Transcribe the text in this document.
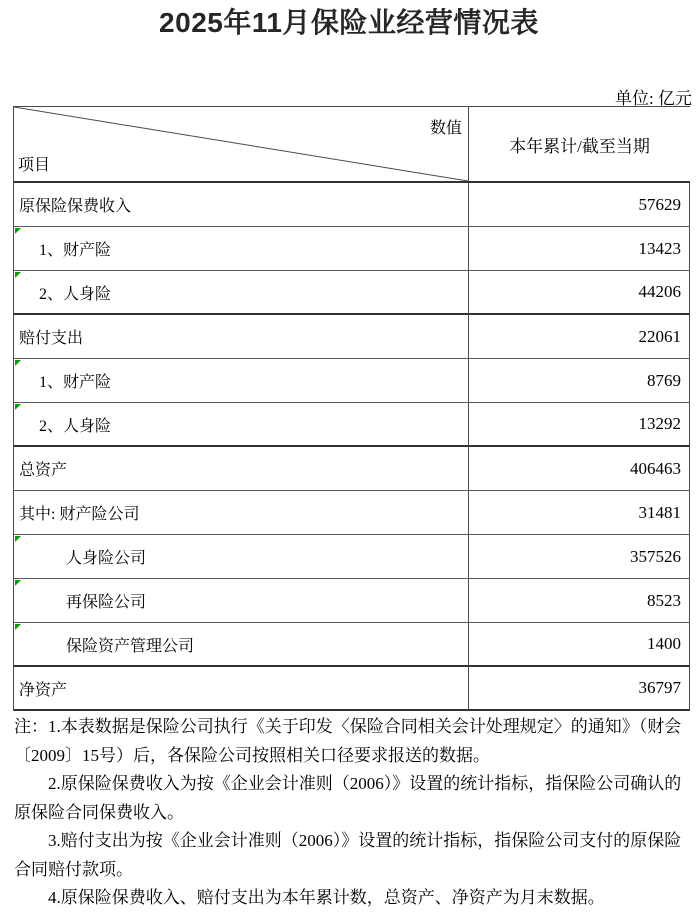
2025年11月保险业经营情况表
单位: 亿元
数值
项目
本年累计/截至当期
原保险保费收入	57629
1、财产险	13423
2、人身险	44206
赔付支出	22061
1、财产险	8769
2、人身险	13292
总资产	406463
其中: 财产险公司	31481
人身险公司	357526
再保险公司	8523
保险资产管理公司	1400
净资产	36797

注：1.本表数据是保险公司执行《关于印发〈保险合同相关会计处理规定〉的通知》（财会〔2009〕15号）后，各保险公司按照相关口径要求报送的数据。

2.原保险保费收入为按《企业会计准则（2006）》设置的统计指标，指保险公司确认的原保险合同保费收入。

3.赔付支出为按《企业会计准则（2006）》设置的统计指标，指保险公司支付的原保险合同赔付款项。

4.原保险保费收入、赔付支出为本年累计数，总资产、净资产为月末数据。
